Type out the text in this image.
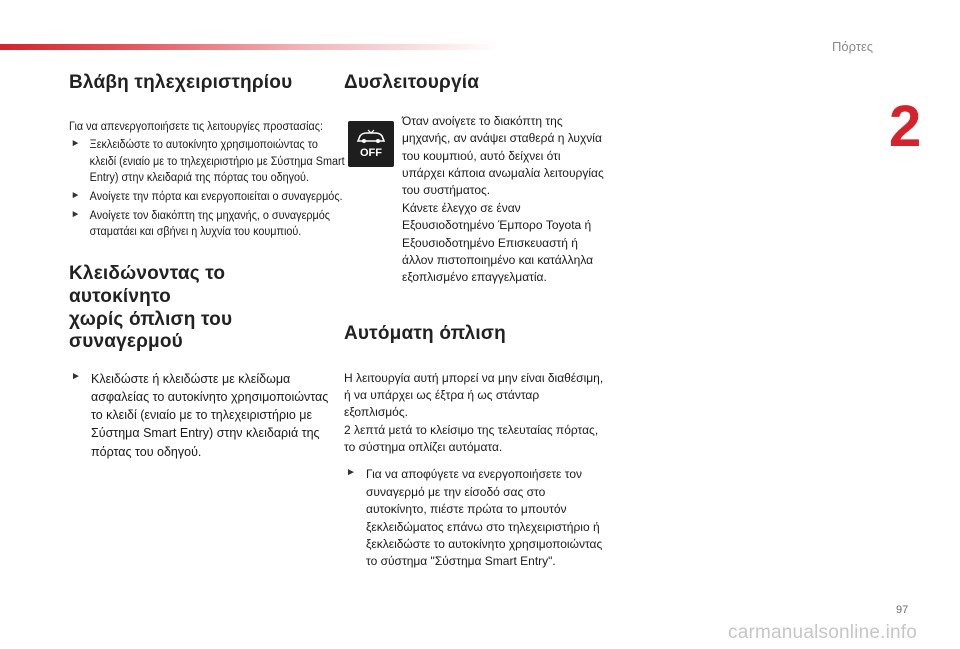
Πόρτες
2
Βλάβη τηλεχειριστηρίου

Για να απενεργοποιήσετε τις λειτουργίες προστασίας:

► Ξεκλειδώστε το αυτοκίνητο χρησιμοποιώντας το κλειδί (ενιαίο με το τηλεχειριστήριο με Σύστημα Smart Entry) στην κλειδαριά της πόρτας του οδηγού.
► Ανοίγετε την πόρτα και ενεργοποιείται ο συναγερμός.
► Ανοίγετε τον διακόπτη της μηχανής, ο συναγερμός σταματάει και σβήνει η λυχνία του κουμπιού.
Κλειδώνοντας το αυτοκίνητο
χωρίς όπλιση του συναγερμού
► Κλειδώστε ή κλειδώστε με κλείδωμα ασφαλείας το αυτοκίνητο χρησιμοποιώντας το κλειδί (ενιαίο με το τηλεχειριστήριο με Σύστημα Smart Entry) στην κλειδαριά της πόρτας του οδηγού.
Δυσλειτουργία
OFF
Όταν ανοίγετε το διακόπτη της μηχανής, αν ανάψει σταθερά η λυχνία του κουμπιού, αυτό δείχνει ότι υπάρχει κάποια ανωμαλία λειτουργίας του συστήματος.
Κάνετε έλεγχο σε έναν Εξουσιοδοτημένο Έμπορο Toyota ή Εξουσιοδοτημένο Επισκευαστή ή άλλον πιστοποιημένο και κατάλληλα εξοπλισμένο επαγγελματία.
Αυτόματη όπλιση
Η λειτουργία αυτή μπορεί να μην είναι διαθέσιμη, ή να υπάρχει ως έξτρα ή ως στάνταρ εξοπλισμός.
2 λεπτά μετά το κλείσιμο της τελευταίας πόρτας, το σύστημα οπλίζει αυτόματα.
► Για να αποφύγετε να ενεργοποιήσετε τον συναγερμό με την είσοδό σας στο αυτοκίνητο, πιέστε πρώτα το μπουτόν ξεκλειδώματος επάνω στο τηλεχειριστήριο ή ξεκλειδώστε το αυτοκίνητο χρησιμοποιώντας το σύστημα "Σύστημα Smart Entry".
97
carmanualsonline.info
